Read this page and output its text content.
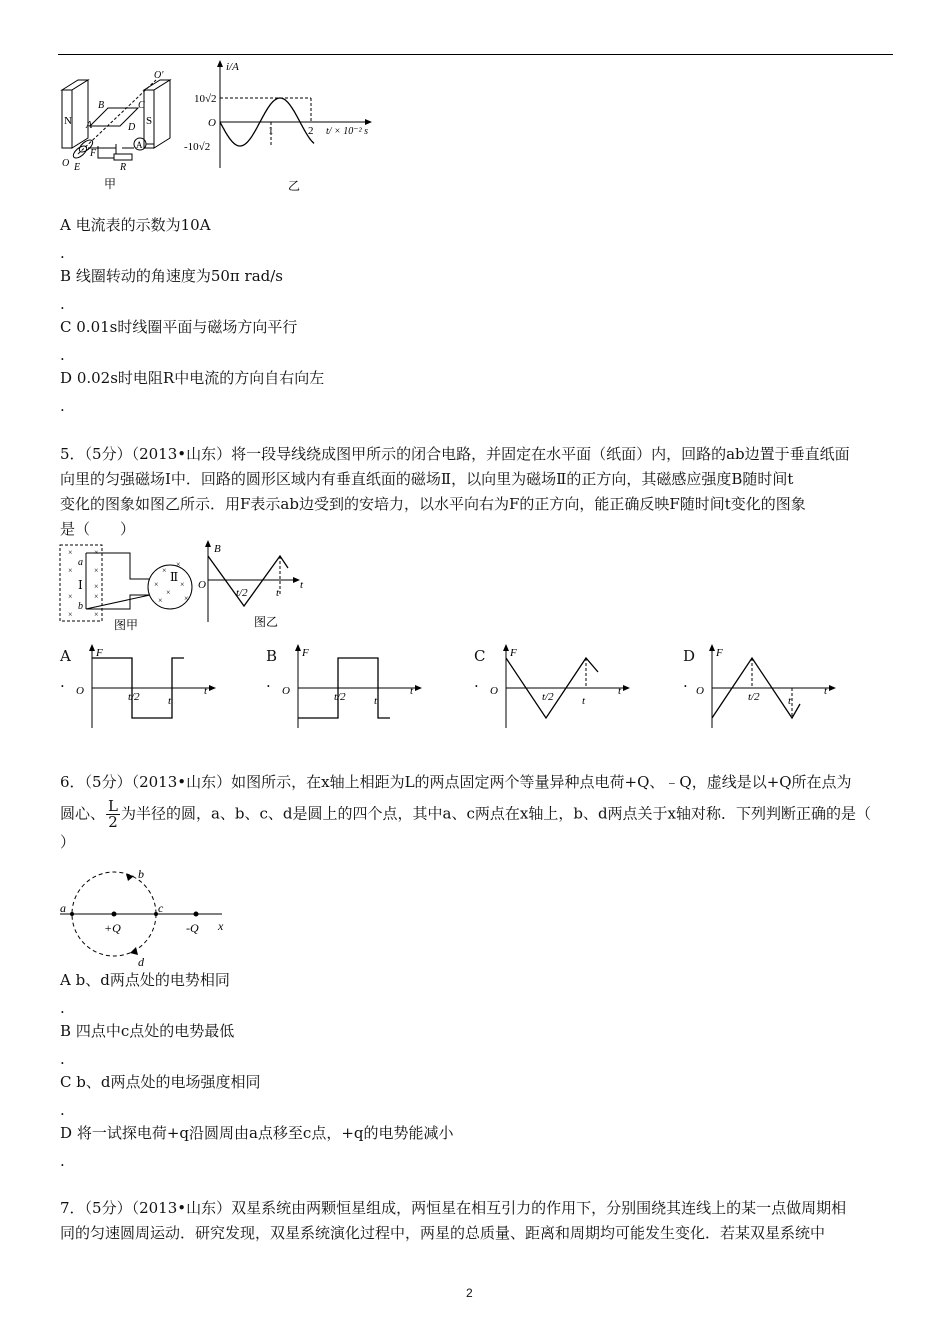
N	S
A
B	C
A	D
O'
O E
F
R
甲
i/A
10√2
O
-10√2
1	2 t/ × 10⁻² s
乙
A 电流表的示数为10A
.
B 线圈转动的角速度为50π rad/s
.
C 0.01s时线圈平面与磁场方向平行
.
D 0.02s时电阻R中电流的方向自右向左
.
5．（5分）（2013•山东）将一段导线绕成图甲所示的闭合电路，并固定在水平面（纸面）内，回路的ab边置于垂直纸面
向里的匀强磁场Ⅰ中．回路的圆形区域内有垂直纸面的磁场Ⅱ，以向里为磁场Ⅱ的正方向，其磁感应强度B随时间t
变化的图象如图乙所示．用F表示ab边受到的安培力，以水平向右为F的正方向，能正确反映F随时间t变化的图象
是（　　）
×	×
×	×
×	×
×	×
×
×
×
×
×
×
×
×
Ⅰ
Ⅱ
a
b
图甲
B
t
O
t/2	t
图乙
A
.
B
.
C
.
D
.
F
O	t/2	t
t
F
O	t/2	t
t
F
O	t/2	t
t
F
O	t/2	t
t
6．（5分）（2013•山东）如图所示，在x轴上相距为L的两点固定两个等量异种点电荷+Q、﹣Q，虚线是以+Q所在点为
圆心、 $\frac{L}{2}$ 为半径的圆，a、b、c、d是圆上的四个点，其中a、c两点在x轴上，b、d两点关于x轴对称．下列判断正确的是（
）
a
b
c
d
+Q	-Q x
A b、d两点处的电势相同
.
B 四点中c点处的电势最低
.
C b、d两点处的电场强度相同
.
D 将一试探电荷+q沿圆周由a点移至c点，+q的电势能减小
.
7．（5分）（2013•山东）双星系统由两颗恒星组成，两恒星在相互引力的作用下，分别围绕其连线上的某一点做周期相
同的匀速圆周运动．研究发现，双星系统演化过程中，两星的总质量、距离和周期均可能发生变化．若某双星系统中
2
